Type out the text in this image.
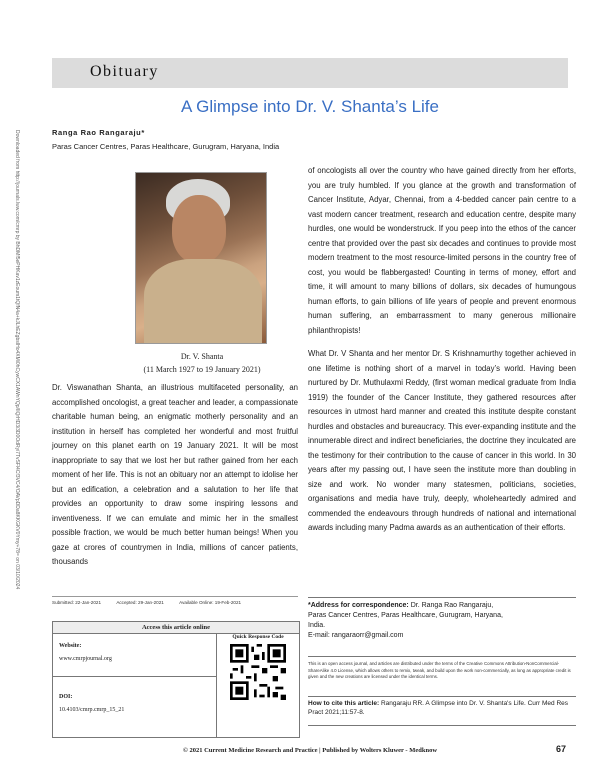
Obituary
A Glimpse into Dr. V. Shanta’s Life
Ranga Rao Rangaraju*
Paras Cancer Centres, Paras Healthcare, Gurugram, Haryana, India
Downloaded from http://journals.lww.com/cmrp by BhDMf5ePHKav1zEoum1tQfN4a+kJLhEZgbsIHo4XMi0hCywCX1AWnYQp/IlQrHD3i3D0OdRyi7TvSFl4Cf3VC4/OAVpDDa8KKGKV0Ymy+78= on 03/10/2024	Dr. V. Shanta
(11 March 1927 to 19 January 2021)

Dr. Viswanathan Shanta, an illustrious multifaceted personality, an accomplished oncologist, a great teacher and leader, a compassionate charitable human being, an enigmatic motherly personality and an institution in herself has completed her wonderful and most fruitful journey on this planet earth on 19 January 2021. It will be most inappropriate to say that we lost her but rather gained from her each moment of her life. This is not an obituary nor an attempt to idolise her but an edification, a celebration and a salutation to her life that provides an opportunity to draw some inspiring lessons and inventiveness. If we can emulate and mimic her in the smallest possible fraction, we would be much better human beings! When you gaze at crores of countrymen in India, millions of cancer patients, thousands

of oncologists all over the country who have gained directly from her efforts, you are truly humbled. If you glance at the growth and transformation of Cancer Institute, Adyar, Chennai, from a 4-bedded cancer pain centre to a vast modern cancer treatment, research and education centre, despite many hurdles, one would be wonderstruck. If you peep into the ethos of the cancer centre that provided over the past six decades and continues to provide most modern treatment to the most resource-limited persons in the country free of cost, you would be flabbergasted! Counting in terms of money, effort and time, it will amount to many billions of dollars, six decades of humungous human efforts, to gain billions of life years of people and prevent enormous human suffering, an embarrassment to many generous millionaire philanthropists!

What Dr. V Shanta and her mentor Dr. S Krishnamurthy together achieved in one lifetime is nothing short of a marvel in today’s world. Having been nurtured by Dr. Muthulaxmi Reddy, (first woman medical graduate from India 1919) the founder of the Cancer Institute, they gathered resources after resources in utmost hard manner and created this institute despite constant hurdles and obstacles and bureaucracy. This ever-expanding institute and the innumerable direct and indirect beneficiaries, the doctrine they inculcated are the testimony for their contribution to the cause of cancer in this world. In 30 years after my passing out, I have seen the institute more than doubling in size and work. No wonder many statesmen, politicians, societies, organisations and media have truly, deeply, wholeheartedly admired and commended the endeavours through hundreds of national and international awards including many Padma awards as an authentication of their efforts.

Submitted: 22-Jan-2021	Accepted: 29-Jan-2021	Available Online: 19-Feb-2021
Access this article online
Quick Response Code
Website:
www.cmrpjournal.org
DOI:
10.4103/cmrp.cmrp_15_21
*Address for correspondence: Dr. Ranga Rao Rangaraju,
Paras Cancer Centres, Paras Healthcare, Gurugram, Haryana,
India.
E-mail: rangaraorr@gmail.com
This is an open access journal, and articles are distributed under the terms of the Creative Commons Attribution-NonCommercial-ShareAlike 4.0 License, which allows others to remix, tweak, and build upon the work non-commercially, as long as appropriate credit is given and the new creations are licensed under the identical terms.
How to cite this article: Rangaraju RR. A Glimpse into Dr. V. Shanta's Life. Curr Med Res Pract 2021;11:57-8.
© 2021 Current Medicine Research and Practice | Published by Wolters Kluwer - Medknow	67
